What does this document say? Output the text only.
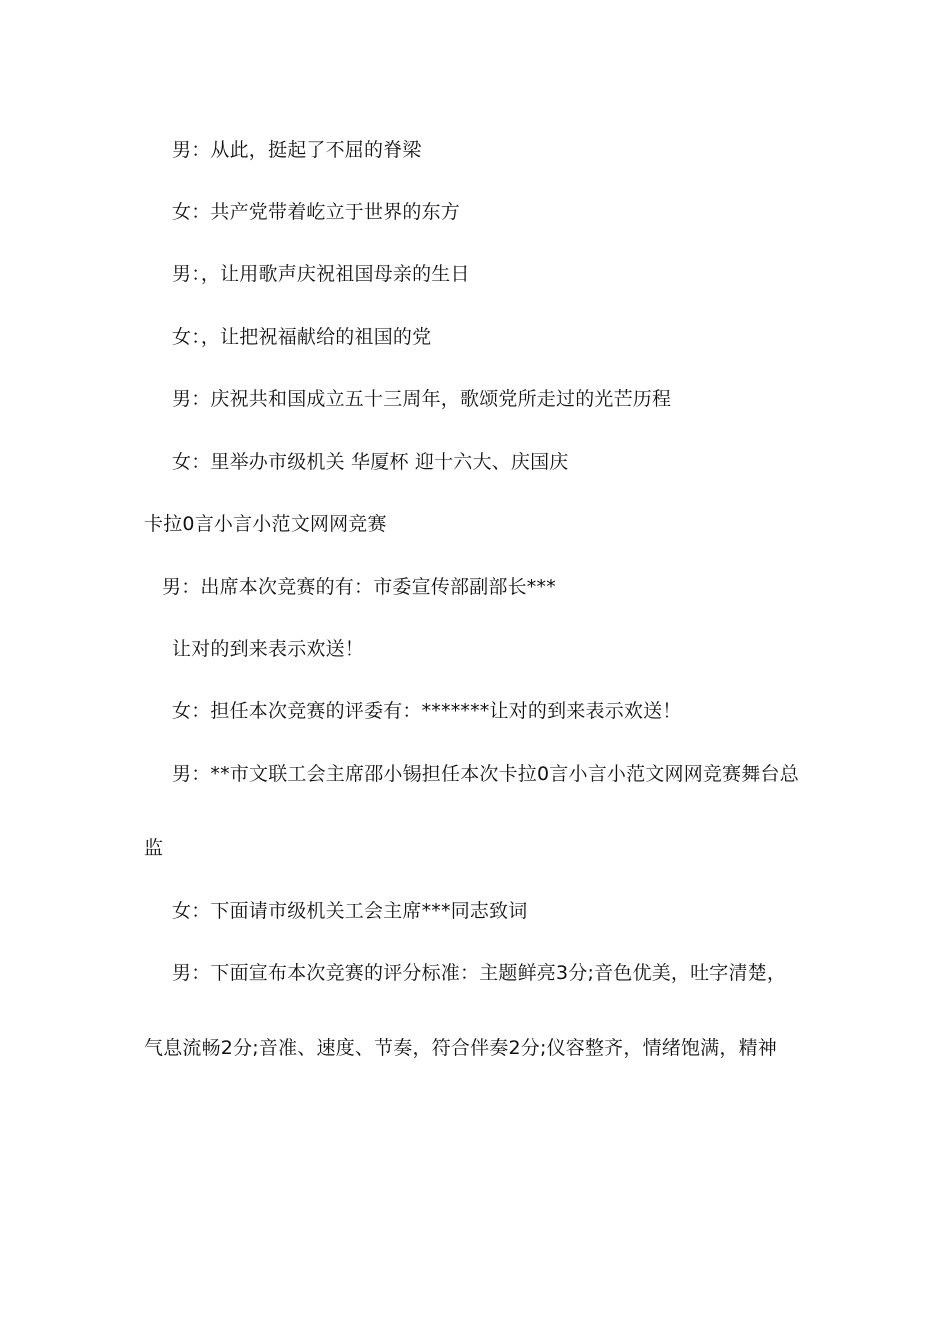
男：从此，挺起了不屈的脊梁
女：共产党带着屹立于世界的东方
男：，让用歌声庆祝祖国母亲的生日
女：，让把祝福献给的祖国的党
男：庆祝共和国成立五十三周年，歌颂党所走过的光芒历程
女：里举办市级机关 华厦杯 迎十六大、庆国庆
卡拉0言小言小范文网网竞赛
男：出席本次竞赛的有：市委宣传部副部长***
让对的到来表示欢送！
女：担任本次竞赛的评委有：*******让对的到来表示欢送！
男：**市文联工会主席邵小锡担任本次卡拉0言小言小范文网网竞赛舞台总
监
女：下面请市级机关工会主席***同志致词
男：下面宣布本次竞赛的评分标准：主题鲜亮3分;音色优美，吐字清楚，
气息流畅2分;音准、速度、节奏，符合伴奏2分;仪容整齐，情绪饱满，精神
